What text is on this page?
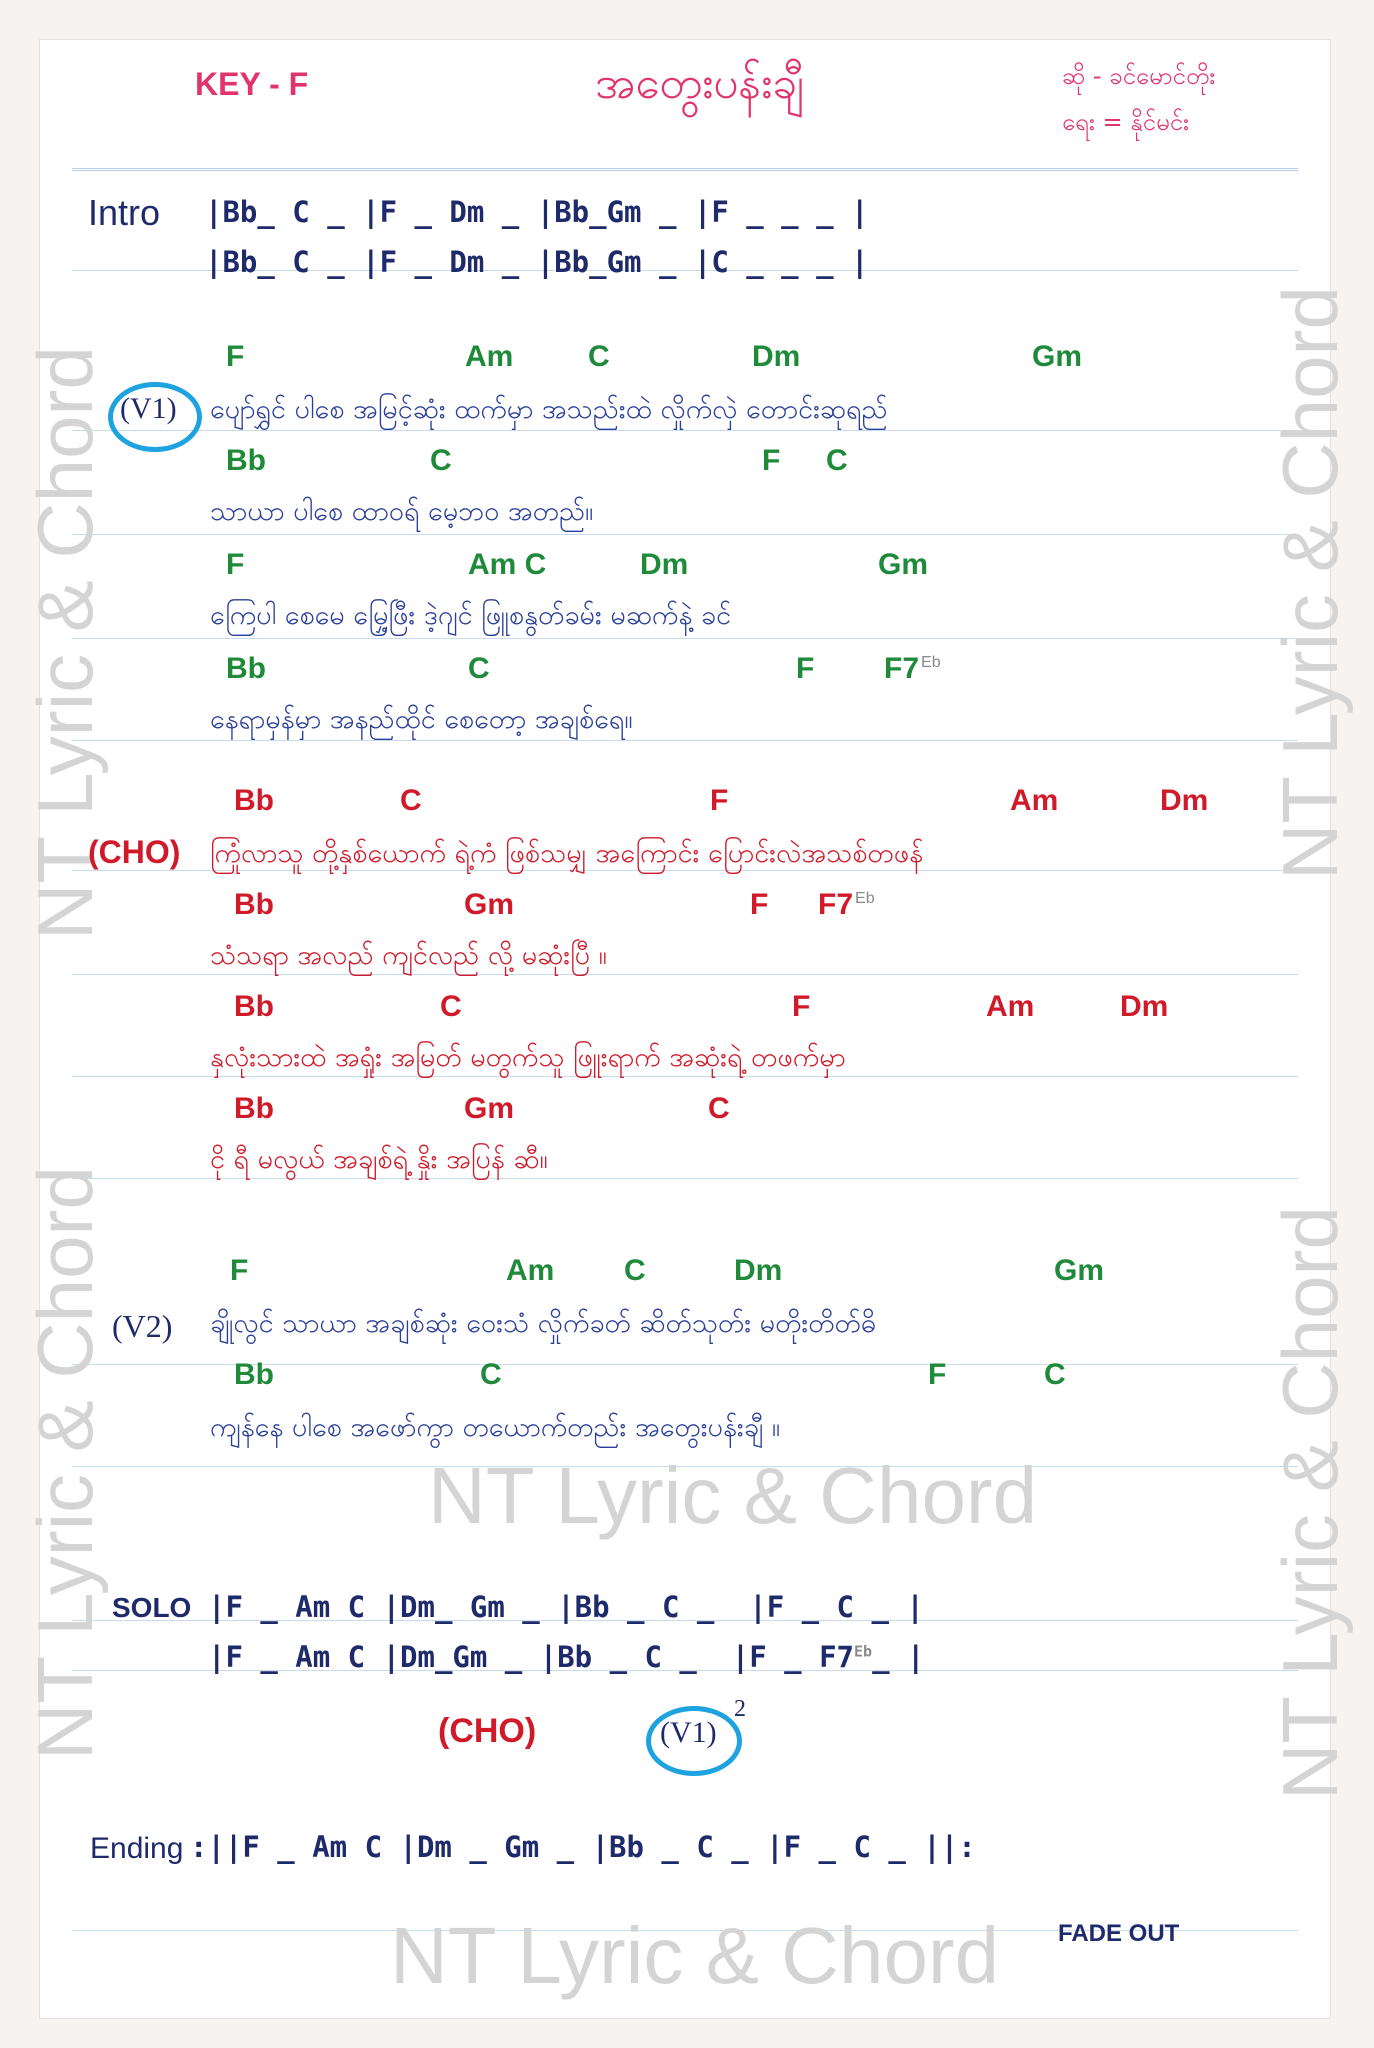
NT Lyric & Chord
NT Lyric & Chord
NT Lyric & Chord
NT Lyric & Chord
NT Lyric & Chord
NT Lyric & Chord
KEY - F	အတွေးပန်းချီ	ဆို - ခင်မောင်တိုး
ရေး = နိုင်မင်း
Intro |Bb_ C _ |F _ Dm _ |Bb_Gm _ |F _ _ _ |
|Bb_ C _ |F _ Dm _ |Bb_Gm _ |C _ _ _ |
(V1)
F	Am C	Dm	Gm
ပျော်ရွှင် ပါစေ အမြင့်ဆုံး ထက်မှာ အသည်းထဲ လှိုက်လှဲ တောင်းဆုရည်
Bb	C	F C
သာယာ ပါစေ ထာဝရ် မေ့ဘဝ အတည်။
F	Am C	Dm	Gm
ကြေပါ စေမေ မြှေ့ဖြီး ဒဲ့ဂျင် ဖြူစနွတ်ခမ်း မဆက်နဲ့ ခင်
Bb	C	F F7 $^{Eb}$
နေရာမှန်မှာ အနည်ထိုင် စေတော့ အချစ်ရေ။
(CHO)
Bb	C	F	Am	Dm
ကြုံလာသူ တို့နှစ်ယောက် ရဲ့ကံ ဖြစ်သမျှ အကြောင်း ပြောင်းလဲအသစ်တဖန်
Bb	Gm	F F7 $^{Eb}$
သံသရာ အလည် ကျင်လည် လို့ မဆုံးပြီ ။
Bb	C	F	Am	Dm
နှလုံးသားထဲ အရှုံး အမြတ် မတွက်သူ ဖြူးရာက် အဆုံးရဲ့ တဖက်မှာ
Bb	Gm	C
ငို ရီ မလွယ် အချစ်ရဲ့ နှိုး အပြန် ဆီ။
(V2)
F	Am C	Dm	Gm
ချိုလွင် သာယာ အချစ်ဆုံး ဝေးသံ လှိုက်ခတ် ဆိတ်သုတ်း မတိုးတိတ်ဓိ
Bb	C	F	C
ကျန်နေ ပါစေ အဖော်ကွာ တယောက်တည်း အတွေးပန်းချီ ။
SOLO |F _ Am C |Dm_ Gm _ |Bb _ C _  |F _ C _ |
|F _ Am C |Dm_Gm _ |Bb _ C _  |F _ $F7^{Eb}\_$ |
(CHO)	(V1)
2
Ending :||F _ Am C |Dm _ Gm _ |Bb _ C _ |F _ C _ ||:
FADE OUT
